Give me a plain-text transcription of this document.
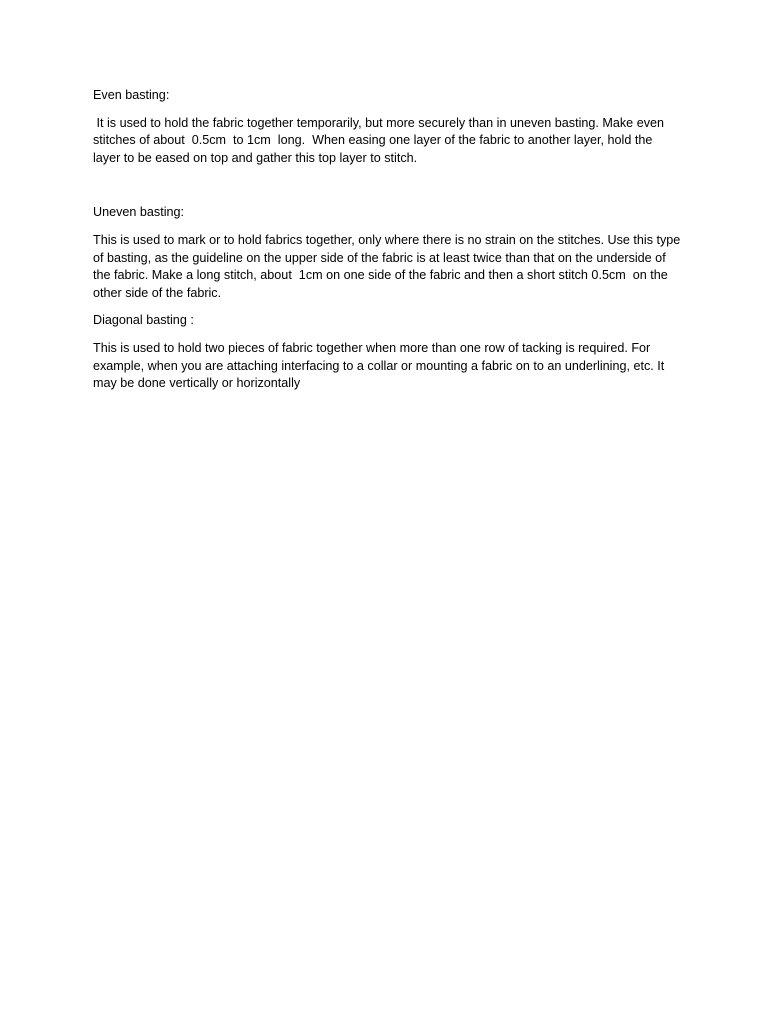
Even basting:

It is used to hold the fabric together temporarily, but more securely than in uneven basting. Make even stitches of about  0.5cm  to 1cm  long.  When easing one layer of the fabric to another layer, hold the layer to be eased on top and gather this top layer to stitch.

Uneven basting:

This is used to mark or to hold fabrics together, only where there is no strain on the stitches. Use this type of basting, as the guideline on the upper side of the fabric is at least twice than that on the underside of the fabric. Make a long stitch, about  1cm on one side of the fabric and then a short stitch 0.5cm  on the other side of the fabric.

Diagonal basting :

This is used to hold two pieces of fabric together when more than one row of tacking is required. For example, when you are attaching interfacing to a collar or mounting a fabric on to an underlining, etc. It may be done vertically or horizontally
